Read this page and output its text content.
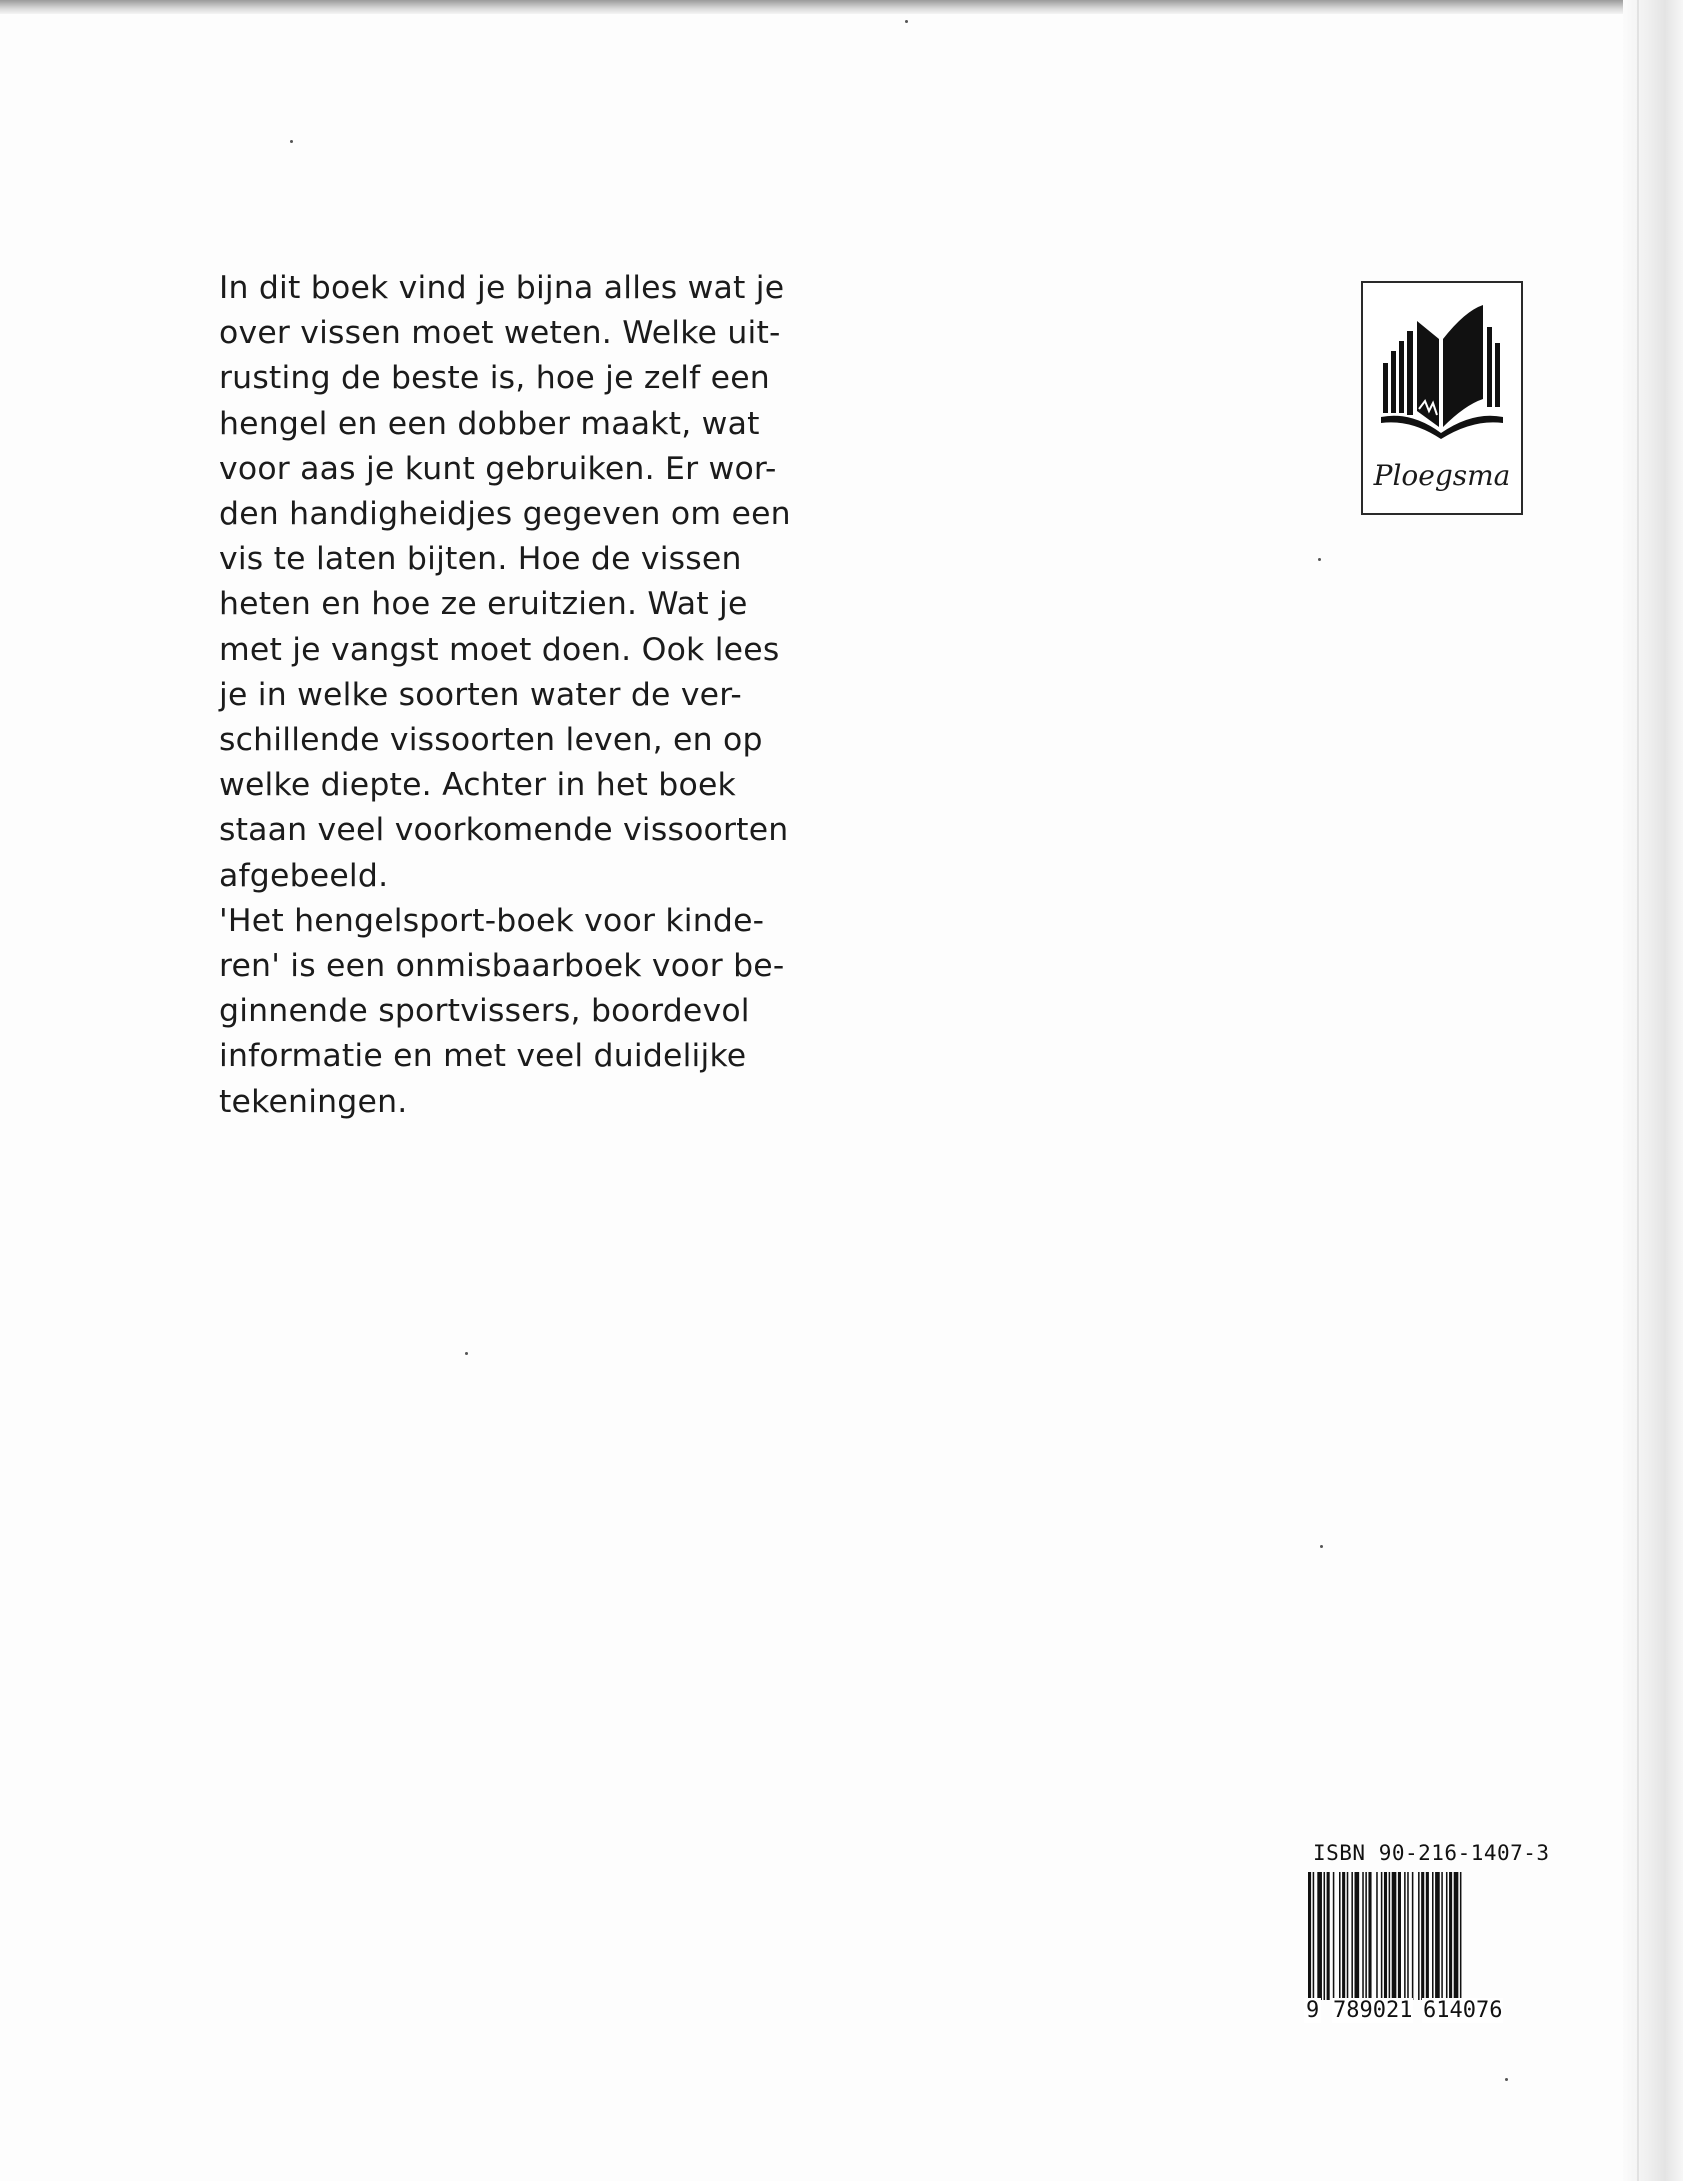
In dit boek vind je bijna alles wat je
over vissen moet weten. Welke uit-
rusting de beste is, hoe je zelf een
hengel en een dobber maakt, wat
voor aas je kunt gebruiken. Er wor-
den handigheidjes gegeven om een
vis te laten bijten. Hoe de vissen
heten en hoe ze eruitzien. Wat je
met je vangst moet doen. Ook lees
je in welke soorten water de ver-
schillende vissoorten leven, en op
welke diepte. Achter in het boek
staan veel voorkomende vissoorten
afgebeeld.
'Het hengelsport-boek voor kinde-
ren' is een onmisbaarboek voor be-
ginnende sportvissers, boordevol
informatie en met veel duidelijke
tekeningen.

Ploegsma
ISBN 90-216-1407-3
9 789021 614076
